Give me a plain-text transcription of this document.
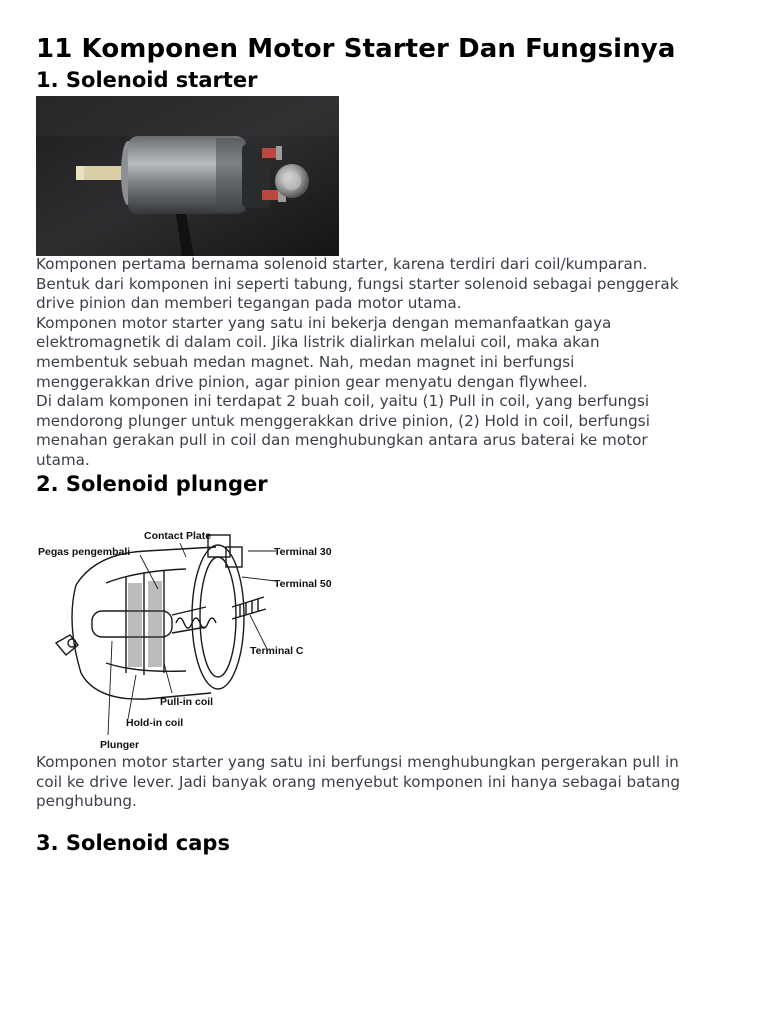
11 Komponen Motor Starter Dan Fungsinya
1. Solenoid starter

Komponen pertama bernama solenoid starter, karena terdiri dari coil/kumparan.
Bentuk dari komponen ini seperti tabung, fungsi starter solenoid sebagai penggerak
drive pinion dan memberi tegangan pada motor utama.
Komponen motor starter yang satu ini bekerja dengan memanfaatkan gaya
elektromagnetik di dalam coil. Jika listrik dialirkan melalui coil, maka akan
membentuk sebuah medan magnet. Nah, medan magnet ini berfungsi
menggerakkan drive pinion, agar pinion gear menyatu dengan flywheel.
Di dalam komponen ini terdapat 2 buah coil, yaitu (1) Pull in coil, yang berfungsi
mendorong plunger untuk menggerakkan drive pinion, (2) Hold in coil, berfungsi
menahan gerakan pull in coil dan menghubungkan antara arus baterai ke motor
utama.

2. Solenoid plunger
Contact Plate
Pegas pengembali	Terminal 30
Terminal 50
Terminal C
Pull-in coil
Hold-in coil
Plunger

Komponen motor starter yang satu ini berfungsi menghubungkan pergerakan pull in
coil ke drive lever. Jadi banyak orang menyebut komponen ini hanya sebagai batang
penghubung.

3. Solenoid caps
